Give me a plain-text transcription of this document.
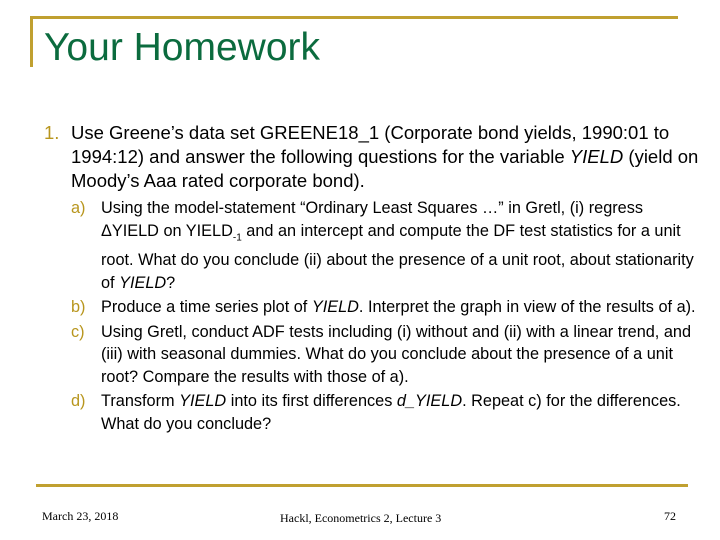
Your Homework
1. Use Greene’s data set GREENE18_1 (Corporate bond yields, 1990:01 to 1994:12) and answer the following questions for the variable YIELD (yield on Moody’s Aaa rated corporate bond).
a) Using the model-statement “Ordinary Least Squares …” in Gretl, (i) regress ΔYIELD on $YIELD_{-1}$ and an intercept and compute the DF test statistics for a unit root. What do you conclude (ii) about the presence of a unit root, about stationarity of YIELD?
b) Produce a time series plot of YIELD. Interpret the graph in view of the results of a).
c) Using Gretl, conduct ADF tests including (i) without and (ii) with a linear trend, and (iii) with seasonal dummies. What do you conclude about the presence of a unit root? Compare the results with those of a).
d) Transform YIELD into its first differences d_YIELD. Repeat c) for the differences. What do you conclude?
March 23, 2018	Hackl, Econometrics 2, Lecture 3	72
